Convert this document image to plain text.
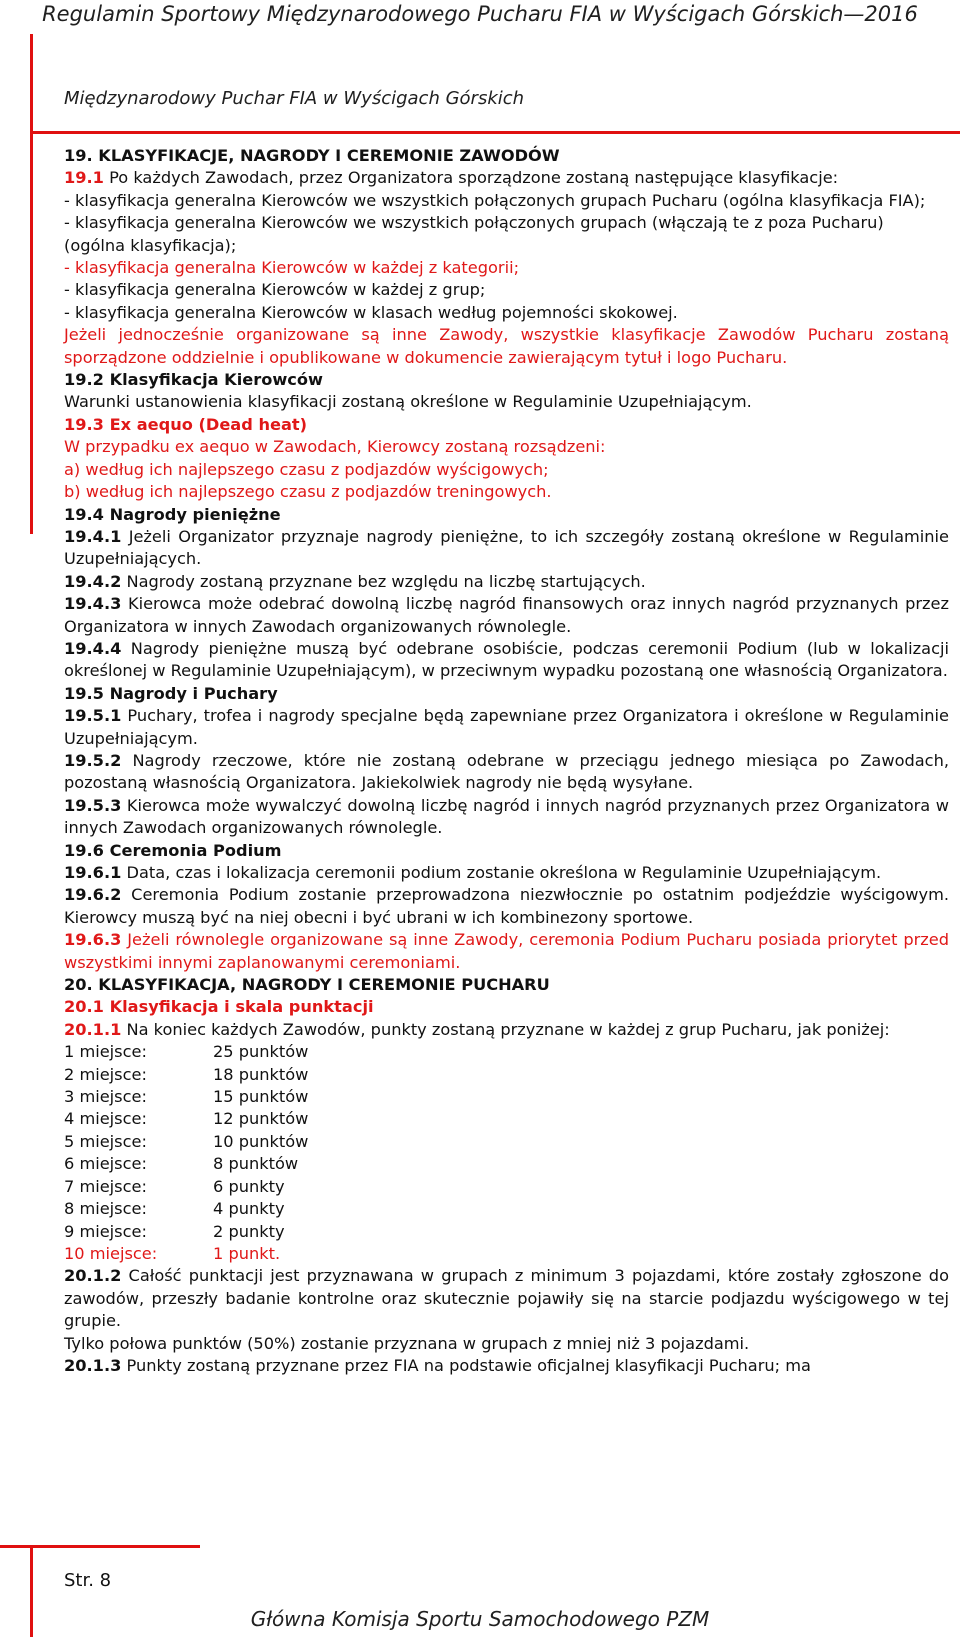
Regulamin Sportowy Międzynarodowego Pucharu FIA w Wyścigach Górskich—2016
Międzynarodowy Puchar FIA w Wyścigach Górskich

19. KLASYFIKACJE, NAGRODY I CEREMONIE ZAWODÓW

19.1 Po każdych Zawodach, przez Organizatora sporządzone zostaną następujące klasyfikacje:

- klasyfikacja generalna Kierowców we wszystkich połączonych grupach Pucharu (ogólna klasyfikacja FIA);

- klasyfikacja generalna Kierowców we wszystkich połączonych grupach (włączają te z poza Pucharu) (ogólna klasyfikacja);

- klasyfikacja generalna Kierowców w każdej z kategorii;

- klasyfikacja generalna Kierowców w każdej z grup;

- klasyfikacja generalna Kierowców w klasach według pojemności skokowej.

Jeżeli jednocześnie organizowane są inne Zawody, wszystkie klasyfikacje Zawodów Pucharu zostaną sporządzone oddzielnie i opublikowane w dokumencie zawierającym tytuł i logo Pucharu.

19.2 Klasyfikacja Kierowców

Warunki ustanowienia klasyfikacji zostaną określone w Regulaminie Uzupełniającym.

19.3 Ex aequo (Dead heat)

W przypadku ex aequo w Zawodach, Kierowcy zostaną rozsądzeni:

a) według ich najlepszego czasu z podjazdów wyścigowych;

b) według ich najlepszego czasu z podjazdów treningowych.

19.4 Nagrody pieniężne

19.4.1 Jeżeli Organizator przyznaje nagrody pieniężne, to ich szczegóły zostaną określone w Regulaminie Uzupełniających.

19.4.2 Nagrody zostaną przyznane bez względu na liczbę startujących.

19.4.3 Kierowca może odebrać dowolną liczbę nagród finansowych oraz innych nagród przyznanych przez Organizatora w innych Zawodach organizowanych równolegle.

19.4.4 Nagrody pieniężne muszą być odebrane osobiście, podczas ceremonii Podium (lub w lokalizacji określonej w Regulaminie Uzupełniającym), w przeciwnym wypadku pozostaną one własnością Organizatora.

19.5 Nagrody i Puchary

19.5.1 Puchary, trofea i nagrody specjalne będą zapewniane przez Organizatora i określone w Regulaminie Uzupełniającym.

19.5.2 Nagrody rzeczowe, które nie zostaną odebrane w przeciągu jednego miesiąca po Zawodach, pozostaną własnością Organizatora. Jakiekolwiek nagrody nie będą wysyłane.

19.5.3 Kierowca może wywalczyć dowolną liczbę nagród i innych nagród przyznanych przez Organizatora w innych Zawodach organizowanych równolegle.

19.6 Ceremonia Podium

19.6.1 Data, czas i lokalizacja ceremonii podium zostanie określona w Regulaminie Uzupełniającym.

19.6.2 Ceremonia Podium zostanie przeprowadzona niezwłocznie po ostatnim podjeździe wyścigowym. Kierowcy muszą być na niej obecni i być ubrani w ich kombinezony sportowe.

19.6.3 Jeżeli równolegle organizowane są inne Zawody, ceremonia Podium Pucharu posiada priorytet przed wszystkimi innymi zaplanowanymi ceremoniami.

20. KLASYFIKACJA, NAGRODY I CEREMONIE PUCHARU

20.1 Klasyfikacja i skala punktacji

20.1.1 Na koniec każdych Zawodów, punkty zostaną przyznane w każdej z grup Pucharu, jak poniżej:

1 miejsce:	25 punktów
2 miejsce:	18 punktów
3 miejsce:	15 punktów
4 miejsce:	12 punktów
5 miejsce:	10 punktów
6 miejsce:	8 punktów
7 miejsce:	6 punkty
8 miejsce:	4 punkty
9 miejsce:	2 punkty
10 miejsce:	1 punkt.

20.1.2 Całość punktacji jest przyznawana w grupach z minimum 3 pojazdami, które zostały zgłoszone do zawodów, przeszły badanie kontrolne oraz skutecznie pojawiły się na starcie podjazdu wyścigowego w tej grupie.

Tylko połowa punktów (50%) zostanie przyznana w grupach z mniej niż 3 pojazdami.

20.1.3 Punkty zostaną przyznane przez FIA na podstawie oficjalnej klasyfikacji Pucharu; ma

Str. 8
Główna Komisja Sportu Samochodowego PZM
